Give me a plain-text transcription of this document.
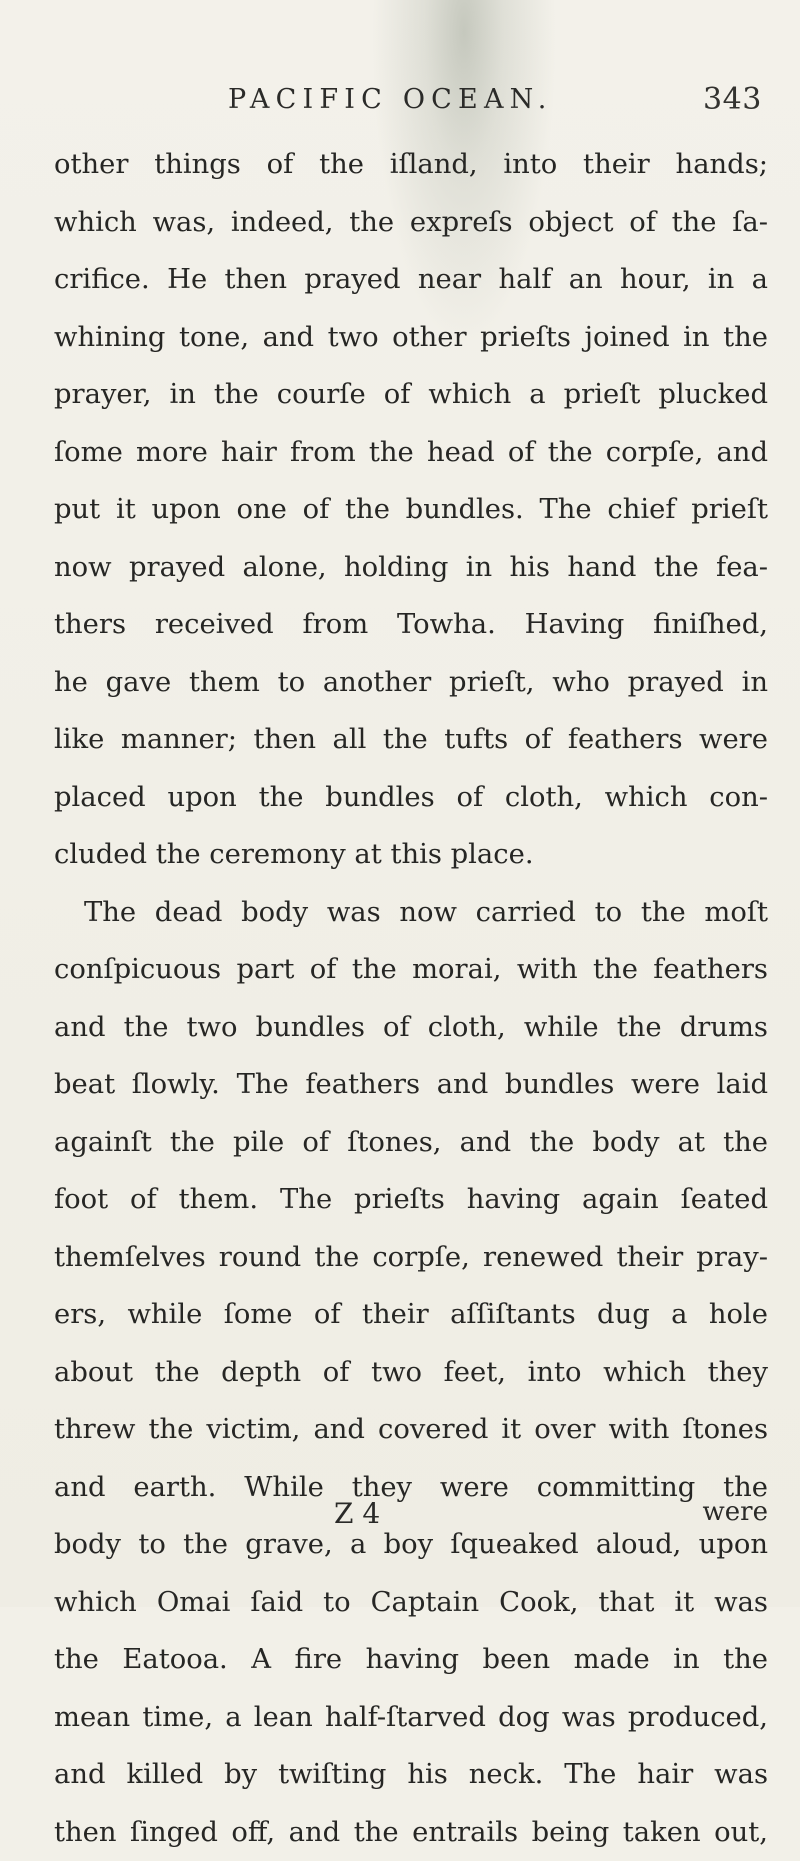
PACIFIC OCEAN.	343
other things of the iſland, into their hands;
which was, indeed, the expreſs object of the ſa-
crifice. He then prayed near half an hour, in a
whining tone, and two other prieſts joined in the
prayer, in the courſe of which a prieſt plucked
ſome more hair from the head of the corpſe, and
put it upon one of the bundles. The chief prieſt
now prayed alone, holding in his hand the fea-
thers received from Towha. Having finiſhed,
he gave them to another prieſt, who prayed in
like manner; then all the tufts of feathers were
placed upon the bundles of cloth, which con-
cluded the ceremony at this place.
The dead body was now carried to the moſt
conſpicuous part of the morai, with the feathers
and the two bundles of cloth, while the drums
beat ſlowly. The feathers and bundles were laid
againſt the pile of ſtones, and the body at the
foot of them. The prieſts having again ſeated
themſelves round the corpſe, renewed their pray-
ers, while ſome of their aſſiſtants dug a hole
about the depth of two feet, into which they
threw the victim, and covered it over with ſtones
and earth. While they were committing the
body to the grave, a boy ſqueaked aloud, upon
which Omai ſaid to Captain Cook, that it was
the Eatooa. A fire having been made in the
mean time, a lean half-ſtarved dog was produced,
and killed by twiſting his neck. The hair was
then ſinged off, and the entrails being taken out,
Z 4	were
